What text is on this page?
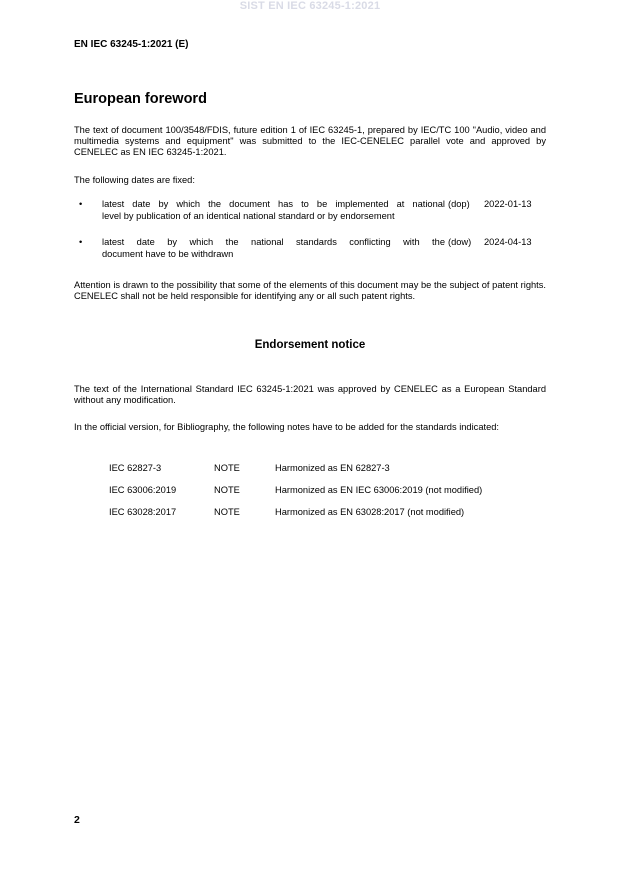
SIST EN IEC 63245-1:2021
EN IEC 63245-1:2021 (E)
European foreword
The text of document 100/3548/FDIS, future edition 1 of IEC 63245-1, prepared by IEC/TC 100 "Audio, video and multimedia systems and equipment" was submitted to the IEC-CENELEC parallel vote and approved by CENELEC as EN IEC 63245-1:2021.
The following dates are fixed:
• latest date by which the document has to be implemented at national
level by publication of an identical national standard or by endorsement
(dop) 2022-01-13
• latest date by which the national standards conflicting with the
document have to be withdrawn
(dow) 2024-04-13
Attention is drawn to the possibility that some of the elements of this document may be the subject of patent rights. CENELEC shall not be held responsible for identifying any or all such patent rights.
Endorsement notice
The text of the International Standard IEC 63245-1:2021 was approved by CENELEC as a European Standard without any modification.
In the official version, for Bibliography, the following notes have to be added for the standards indicated:
IEC 62827-3	NOTE	Harmonized as EN 62827-3
IEC 63006:2019	NOTE	Harmonized as EN IEC 63006:2019 (not modified)
IEC 63028:2017	NOTE	Harmonized as EN 63028:2017 (not modified)
2
